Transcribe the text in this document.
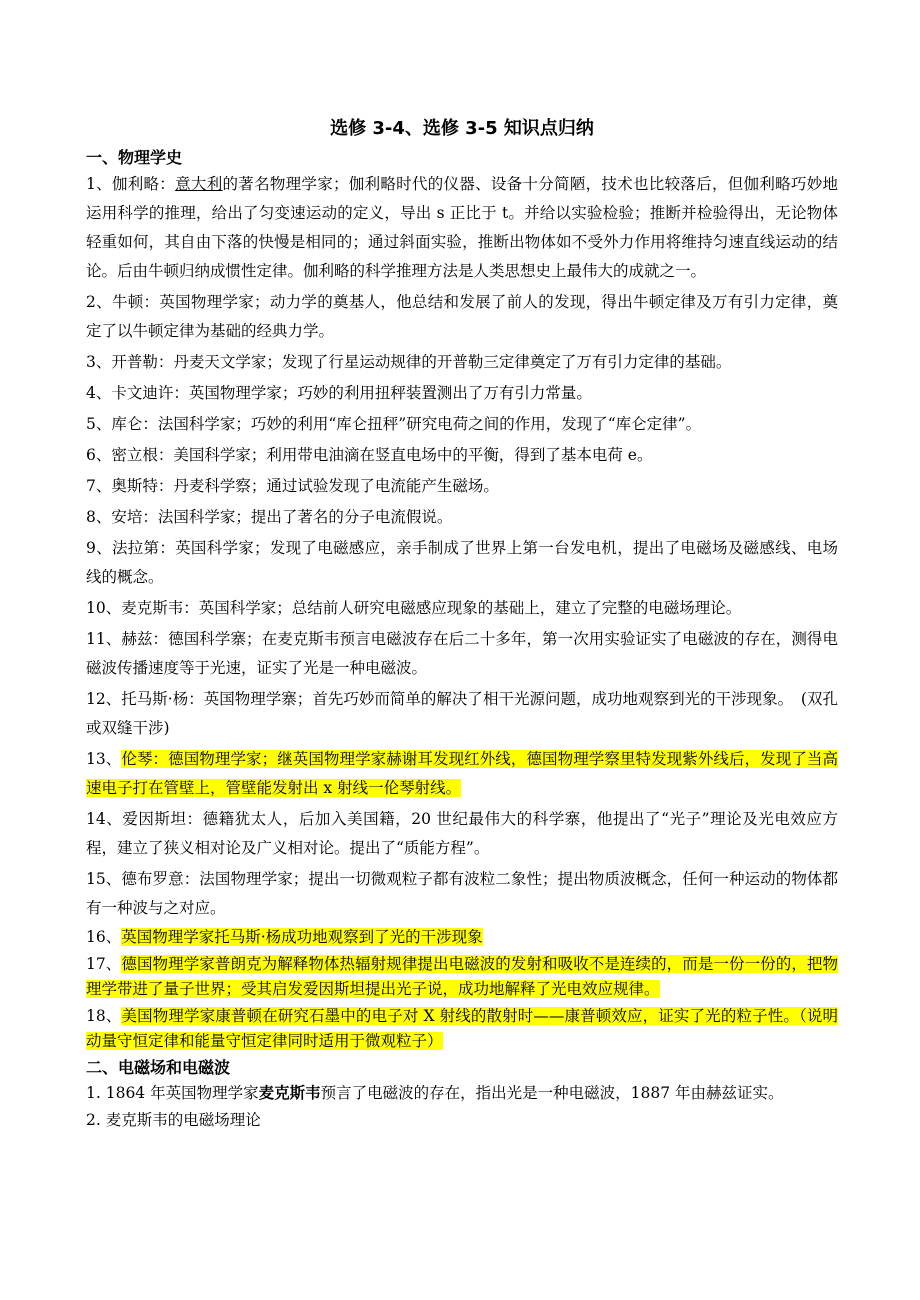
选修 3-4、选修 3-5 知识点归纳
一、物理学史
1、伽利略：意大利的著名物理学家；伽利略时代的仪器、设备十分简陋，技术也比较落后，但伽利略巧妙地运用科学的推理，给出了匀变速运动的定义，导出 s 正比于 t。并给以实验检验；推断并检验得出，无论物体轻重如何，其自由下落的快慢是相同的；通过斜面实验，推断出物体如不受外力作用将维持匀速直线运动的结论。后由牛顿归纳成惯性定律。伽利略的科学推理方法是人类思想史上最伟大的成就之一。
2、牛顿：英国物理学家；动力学的奠基人，他总结和发展了前人的发现，得出牛顿定律及万有引力定律，奠定了以牛顿定律为基础的经典力学。
3、开普勒：丹麦天文学家；发现了行星运动规律的开普勒三定律奠定了万有引力定律的基础。
4、卡文迪许：英国物理学家；巧妙的利用扭秤装置测出了万有引力常量。
5、库仑：法国科学家；巧妙的利用“库仑扭秤”研究电荷之间的作用，发现了“库仑定律”。
6、密立根：美国科学家；利用带电油滴在竖直电场中的平衡，得到了基本电荷 e。
7、奥斯特：丹麦科学察；通过试验发现了电流能产生磁场。
8、安培：法国科学家；提出了著名的分子电流假说。
9、法拉第：英国科学家；发现了电磁感应，亲手制成了世界上第一台发电机，提出了电磁场及磁感线、电场线的概念。
10、麦克斯韦：英国科学家；总结前人研究电磁感应现象的基础上，建立了完整的电磁场理论。
11、赫兹：德国科学寨；在麦克斯韦预言电磁波存在后二十多年，第一次用实验证实了电磁波的存在，测得电磁波传播速度等于光速，证实了光是一种电磁波。
12、托马斯·杨：英国物理学寨；首先巧妙而简单的解决了相干光源问题，成功地观察到光的干涉现象。　(双孔或双缝干涉)
13、伦琴：德国物理学家；继英国物理学家赫谢耳发现红外线，德国物理学察里特发现紫外线后，发现了当高速电子打在管壁上，管壁能发射出 x 射线一伦琴射线。
14、爱因斯坦：德籍犹太人，后加入美国籍，20 世纪最伟大的科学寨，他提出了“光子”理论及光电效应方程，建立了狭义相对论及广义相对论。提出了“质能方程”。
15、德布罗意：法国物理学家；提出一切微观粒子都有波粒二象性；提出物质波概念，任何一种运动的物体都有一种波与之对应。
16、英国物理学家托马斯·杨成功地观察到了光的干涉现象
17、德国物理学家普朗克为解释物体热辐射规律提出电磁波的发射和吸收不是连续的，而是一份一份的，把物理学带进了量子世界；受其启发爱因斯坦提出光子说，成功地解释了光电效应规律。
18、美国物理学家康普顿在研究石墨中的电子对 X 射线的散射时——康普顿效应，证实了光的粒子性。（说明动量守恒定律和能量守恒定律同时适用于微观粒子）
二、电磁场和电磁波
1. 1864 年英国物理学家麦克斯韦预言了电磁波的存在，指出光是一种电磁波，1887 年由赫兹证实。
2. 麦克斯韦的电磁场理论
